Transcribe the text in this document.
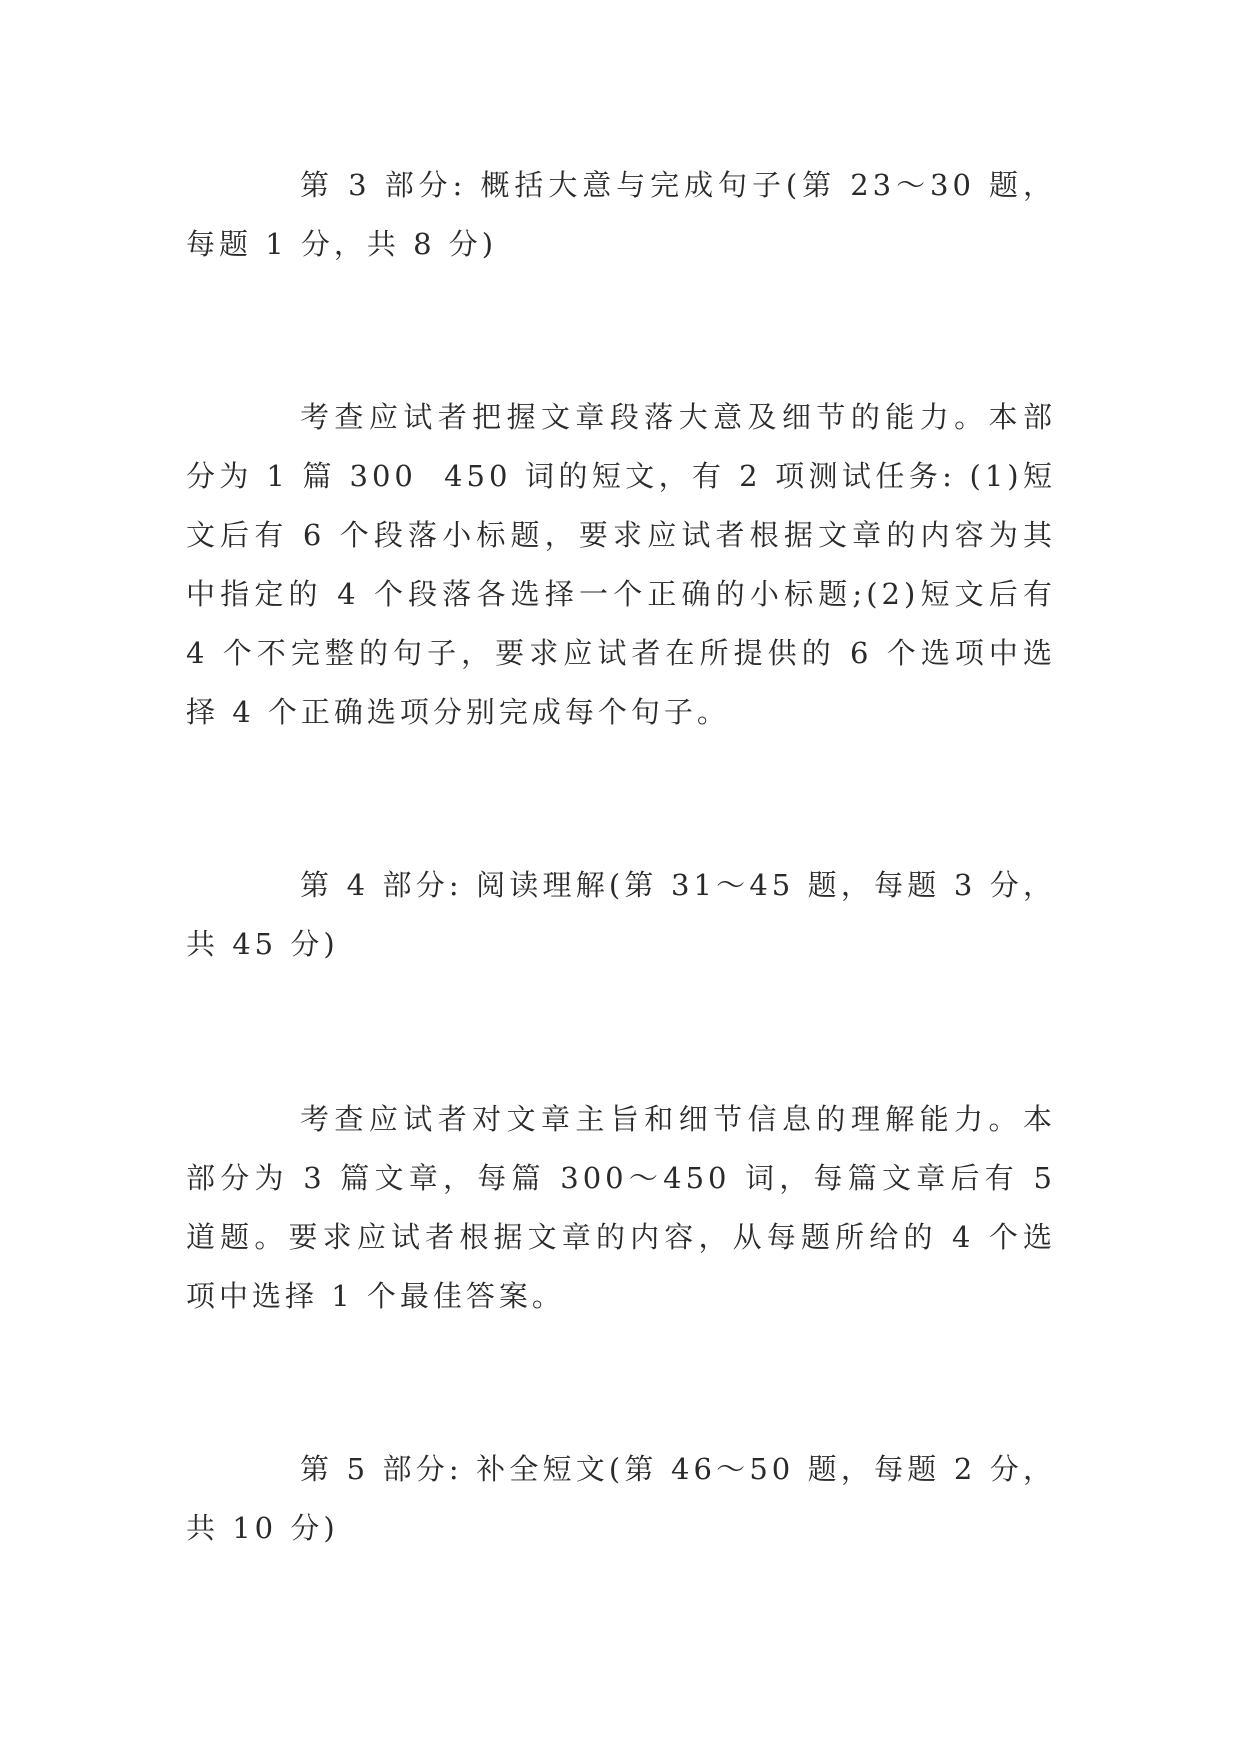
第 3 部分: 概括大意与完成句子(第 23～30 题，每题 1 分，共 8 分)

考查应试者把握文章段落大意及细节的能力。本部分为 1 篇 300  450 词的短文，有 2 项测试任务: (1)短文后有 6 个段落小标题，要求应试者根据文章的内容为其中指定的 4 个段落各选择一个正确的小标题;(2)短文后有 4 个不完整的句子，要求应试者在所提供的 6 个选项中选择 4 个正确选项分别完成每个句子。

第 4 部分: 阅读理解(第 31～45 题，每题 3 分，共 45 分)

考查应试者对文章主旨和细节信息的理解能力。本部分为 3 篇文章，每篇 300～450 词，每篇文章后有 5 道题。要求应试者根据文章的内容，从每题所给的 4 个选项中选择 1 个最佳答案。

第 5 部分: 补全短文(第 46～50 题，每题 2 分，共 10 分)
